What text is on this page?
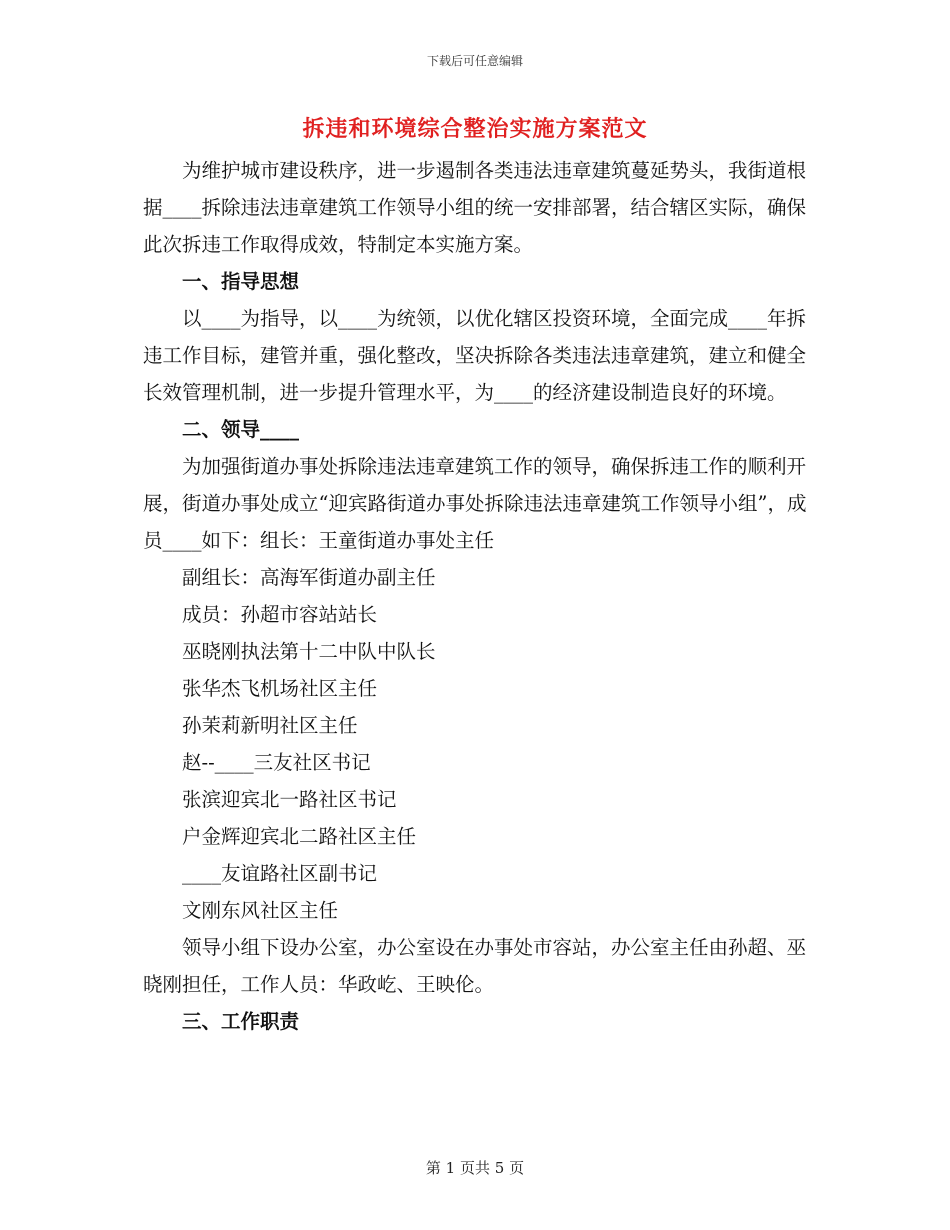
下载后可任意编辑
拆违和环境综合整治实施方案范文

为维护城市建设秩序，进一步遏制各类违法违章建筑蔓延势头，我街道根据____拆除违法违章建筑工作领导小组的统一安排部署，结合辖区实际，确保此次拆违工作取得成效，特制定本实施方案。

一、指导思想

以____为指导，以____为统领，以优化辖区投资环境，全面完成____年拆违工作目标，建管并重，强化整改，坚决拆除各类违法违章建筑，建立和健全长效管理机制，进一步提升管理水平，为____的经济建设制造良好的环境。

二、领导____

为加强街道办事处拆除违法违章建筑工作的领导，确保拆违工作的顺利开展，街道办事处成立“迎宾路街道办事处拆除违法违章建筑工作领导小组”，成员____如下：组长：王童街道办事处主任

副组长：高海军街道办副主任

成员：孙超市容站站长

巫晓刚执法第十二中队中队长

张华杰飞机场社区主任

孙茉莉新明社区主任

赵--____三友社区书记

张滨迎宾北一路社区书记

户金辉迎宾北二路社区主任

____友谊路社区副书记

文刚东风社区主任

领导小组下设办公室，办公室设在办事处市容站，办公室主任由孙超、巫晓刚担任，工作人员：华政屹、王映伦。

三、工作职责

第 1 页共 5 页
